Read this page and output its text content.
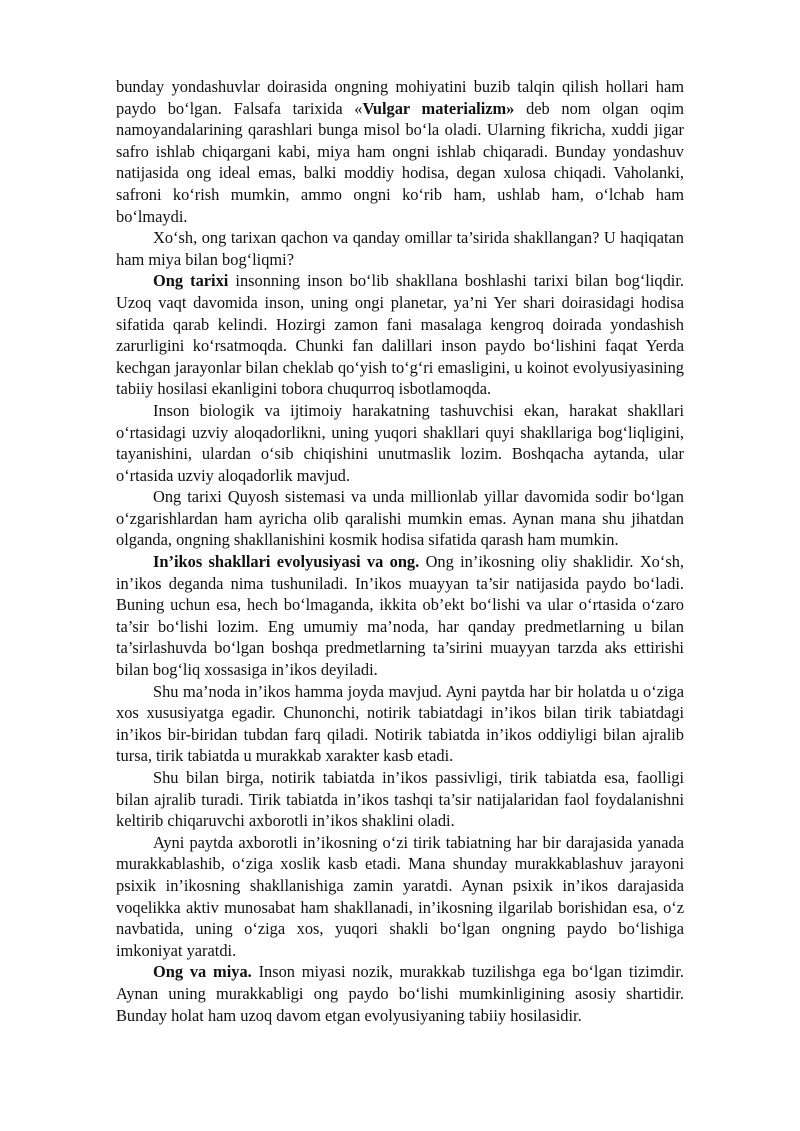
bunday yondashuvlar doirasida ongning mohiyatini buzib talqin qilish hollari ham paydo bo‘lgan. Falsafa tarixida «Vulgar materializm» deb nom olgan oqim namoyandalarining qarashlari bunga misol bo‘la oladi. Ularning fikricha, xuddi jigar safro ishlab chiqargani kabi, miya ham ongni ishlab chiqaradi. Bunday yondashuv natijasida ong ideal emas, balki moddiy hodisa, degan xulosa chiqadi. Vaholanki, safroni ko‘rish mumkin, ammo ongni ko‘rib ham, ushlab ham, o‘lchab ham bo‘lmaydi.

Xo‘sh, ong tarixan qachon va qanday omillar ta’sirida shakllangan? U haqiqatan ham miya bilan bog‘liqmi?

Ong tarixi insonning inson bo‘lib shakllana boshlashi tarixi bilan bog‘liqdir. Uzoq vaqt davomida inson, uning ongi planetar, ya’ni Yer shari doirasidagi hodisa sifatida qarab kelindi. Hozirgi zamon fani masalaga kengroq doirada yondashish zarurligini ko‘rsatmoqda. Chunki fan dalillari inson paydo bo‘lishini faqat Yerda kechgan jarayonlar bilan cheklab qo‘yish to‘g‘ri emasligini, u koinot evolyusiyasining tabiiy hosilasi ekanligini tobora chuqurroq isbotlamoqda.

Inson biologik va ijtimoiy harakatning tashuvchisi ekan, harakat shakllari o‘rtasidagi uzviy aloqadorlikni, uning yuqori shakllari quyi shakllariga bog‘liqligini, tayanishini, ulardan o‘sib chiqishini unutmaslik lozim. Boshqacha aytanda, ular o‘rtasida uzviy aloqadorlik mavjud.

Ong tarixi Quyosh sistemasi va unda millionlab yillar davomida sodir bo‘lgan o‘zgarishlardan ham ayricha olib qaralishi mumkin emas. Aynan mana shu jihatdan olganda, ongning shakllanishini kosmik hodisa sifatida qarash ham mumkin.

In’ikos shakllari evolyusiyasi va ong. Ong in’ikosning oliy shaklidir. Xo‘sh, in’ikos deganda nima tushuniladi. In’ikos muayyan ta’sir natijasida paydo bo‘ladi. Buning uchun esa, hech bo‘lmaganda, ikkita ob’ekt bo‘lishi va ular o‘rtasida o‘zaro ta’sir bo‘lishi lozim. Eng umumiy ma’noda, har qanday predmetlarning u bilan ta’sirlashuvda bo‘lgan boshqa predmetlarning ta’sirini muayyan tarzda aks ettirishi bilan bog‘liq xossasiga in’ikos deyiladi.

Shu ma’noda in’ikos hamma joyda mavjud. Ayni paytda har bir holatda u o‘ziga xos xususiyatga egadir. Chunonchi, notirik tabiatdagi in’ikos bilan tirik tabiatdagi in’ikos bir-biridan tubdan farq qiladi. Notirik tabiatda in’ikos oddiyligi bilan ajralib tursa, tirik tabiatda u murakkab xarakter kasb etadi.

Shu bilan birga, notirik tabiatda in’ikos passivligi, tirik tabiatda esa, faolligi bilan ajralib turadi. Tirik tabiatda in’ikos tashqi ta’sir natijalaridan faol foydalanishni keltirib chiqaruvchi axborotli in’ikos shaklini oladi.

Ayni paytda axborotli in’ikosning o‘zi tirik tabiatning har bir darajasida yanada murakkablashib, o‘ziga xoslik kasb etadi. Mana shunday murakkablashuv jarayoni psixik in’ikosning shakllanishiga zamin yaratdi. Aynan psixik in’ikos darajasida voqelikka aktiv munosabat ham shakllanadi, in’ikosning ilgarilab borishidan esa, o‘z navbatida, uning o‘ziga xos, yuqori shakli bo‘lgan ongning paydo bo‘lishiga imkoniyat yaratdi.

Ong va miya. Inson miyasi nozik, murakkab tuzilishga ega bo‘lgan tizimdir. Aynan uning murakkabligi ong paydo bo‘lishi mumkinligining asosiy shartidir. Bunday holat ham uzoq davom etgan evolyusiyaning tabiiy hosilasidir.
